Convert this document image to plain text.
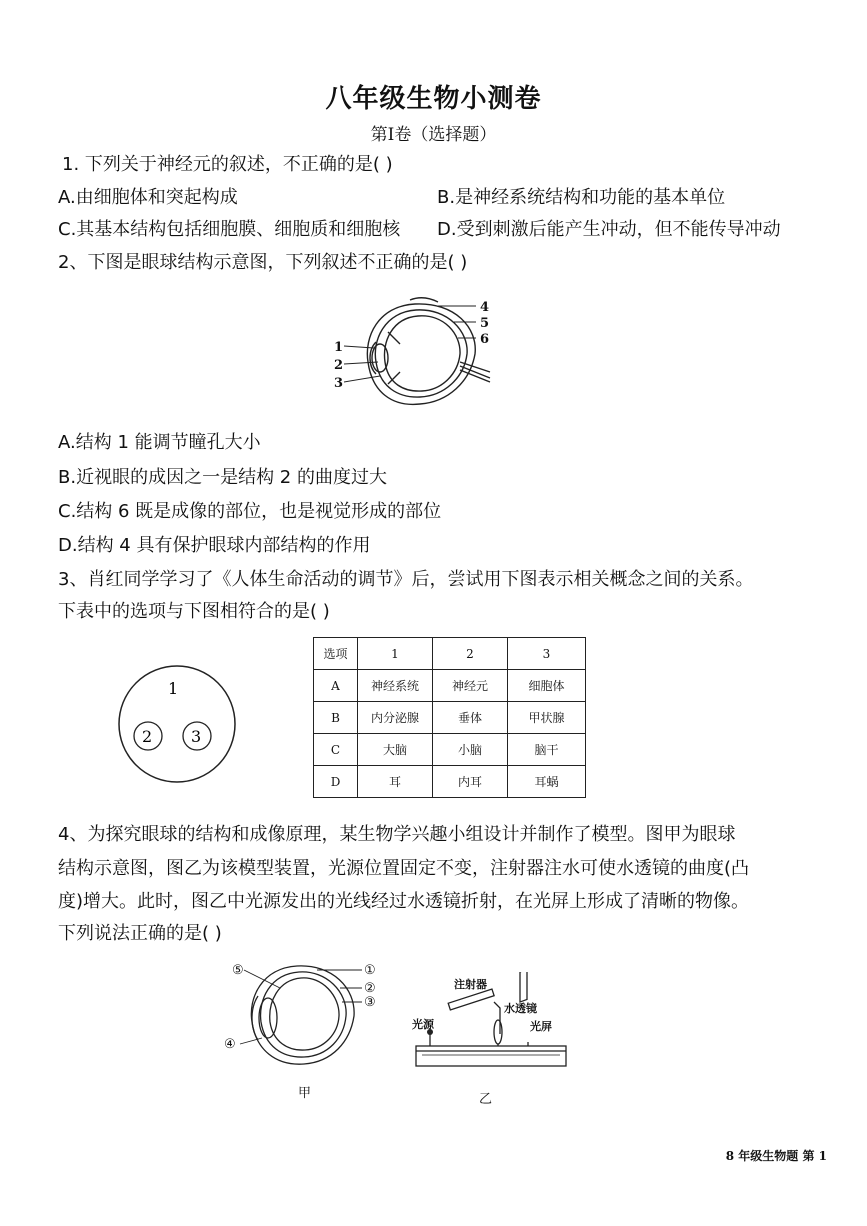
八年级生物小测卷
第Ⅰ卷（选择题）
1. 下列关于神经元的叙述，不正确的是( )
A.由细胞体和突起构成	B.是神经系统结构和功能的基本单位
C.其基本结构包括细胞膜、细胞质和细胞核 D.受到刺激后能产生冲动，但不能传导冲动
2、下图是眼球结构示意图，下列叙述不正确的是( )
1
2
3
4
5
6
A.结构 1 能调节瞳孔大小
B.近视眼的成因之一是结构 2 的曲度过大
C.结构 6 既是成像的部位，也是视觉形成的部位
D.结构 4 具有保护眼球内部结构的作用
3、肖红同学学习了《人体生命活动的调节》后，尝试用下图表示相关概念之间的关系。
下表中的选项与下图相符合的是( )
1
2 3
选项	1	2	3
A	神经系统	神经元	细胞体
B	内分泌腺	垂体	甲状腺
C	大脑	小脑	脑干
D	耳	内耳	耳蜗
4、为探究眼球的结构和成像原理，某生物学兴趣小组设计并制作了模型。图甲为眼球
结构示意图，图乙为该模型装置，光源位置固定不变，注射器注水可使水透镜的曲度(凸
度)增大。此时，图乙中光源发出的光线经过水透镜折射，在光屏上形成了清晰的物像。
下列说法正确的是( )
⑤	①
②
③
④
甲
注射器
水透镜
光源	光屏
乙
8 年级生物题 第 1
